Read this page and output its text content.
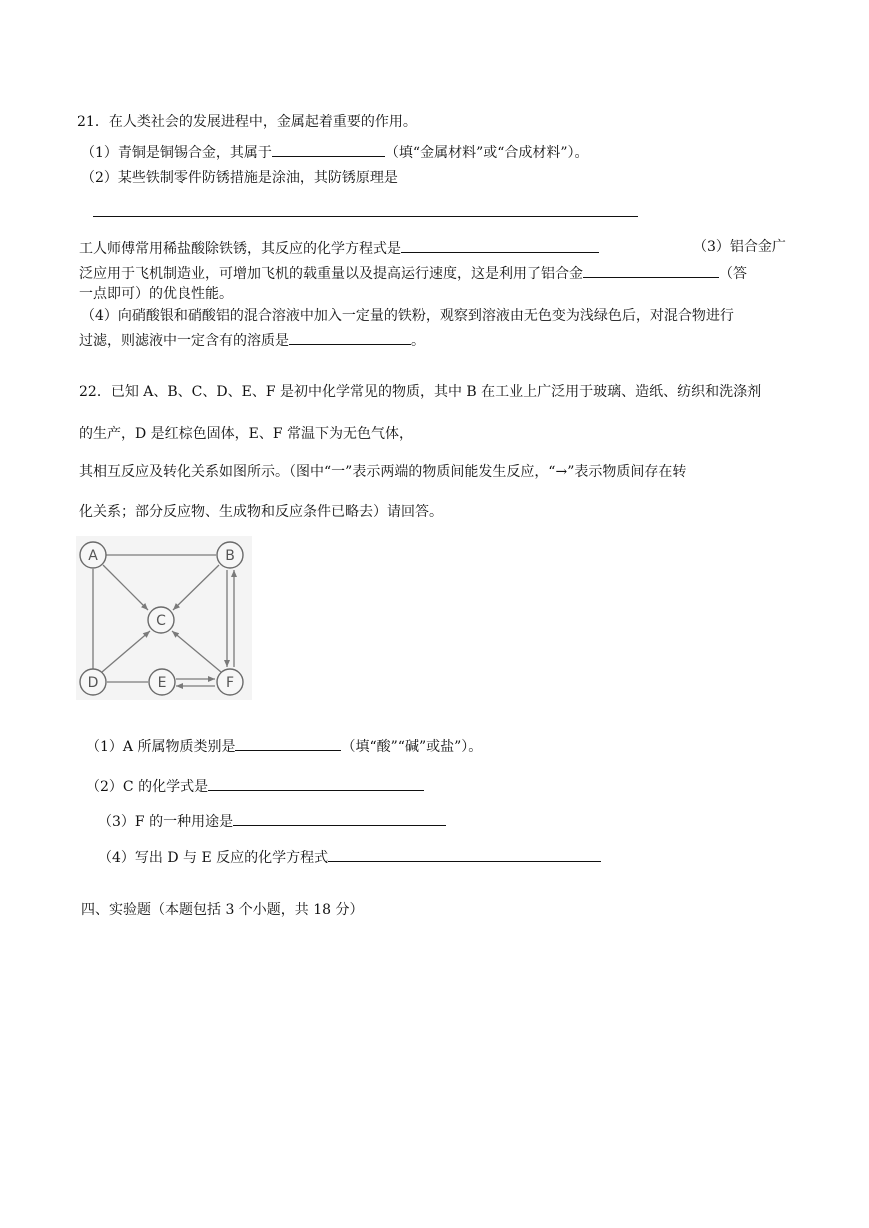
21．在人类社会的发展进程中，金属起着重要的作用。
（1）青铜是铜锡合金，其属于	（填“金属材料”或“合成材料”）。
（2）某些铁制零件防锈措施是涂油，其防锈原理是
工人师傅常用稀盐酸除铁锈，其反应的化学方程式是	（3）铝合金广
泛应用于飞机制造业，可增加飞机的载重量以及提高运行速度，这是利用了铝合金	（答
一点即可）的优良性能。
（4）向硝酸银和硝酸铝的混合溶液中加入一定量的铁粉，观察到溶液由无色变为浅绿色后，对混合物进行
过滤，则滤液中一定含有的溶质是	。
22．已知 A、B、C、D、E、F 是初中化学常见的物质，其中 B 在工业上广泛用于玻璃、造纸、纺织和洗涤剂
的生产，D 是红棕色固体，E、F 常温下为无色气体，
其相互反应及转化关系如图所示。（图中“一”表示两端的物质间能发生反应，“→”表示物质间存在转
化关系；部分反应物、生成物和反应条件已略去）请回答。
A	B
C
D	E	F
（1）A 所属物质类别是	（填“酸”“碱”或盐”）。
（2）C 的化学式是
（3）F 的一种用途是
（4）写出 D 与 E 反应的化学方程式
四、实验题（本题包括 3 个小题，共 18 分）
